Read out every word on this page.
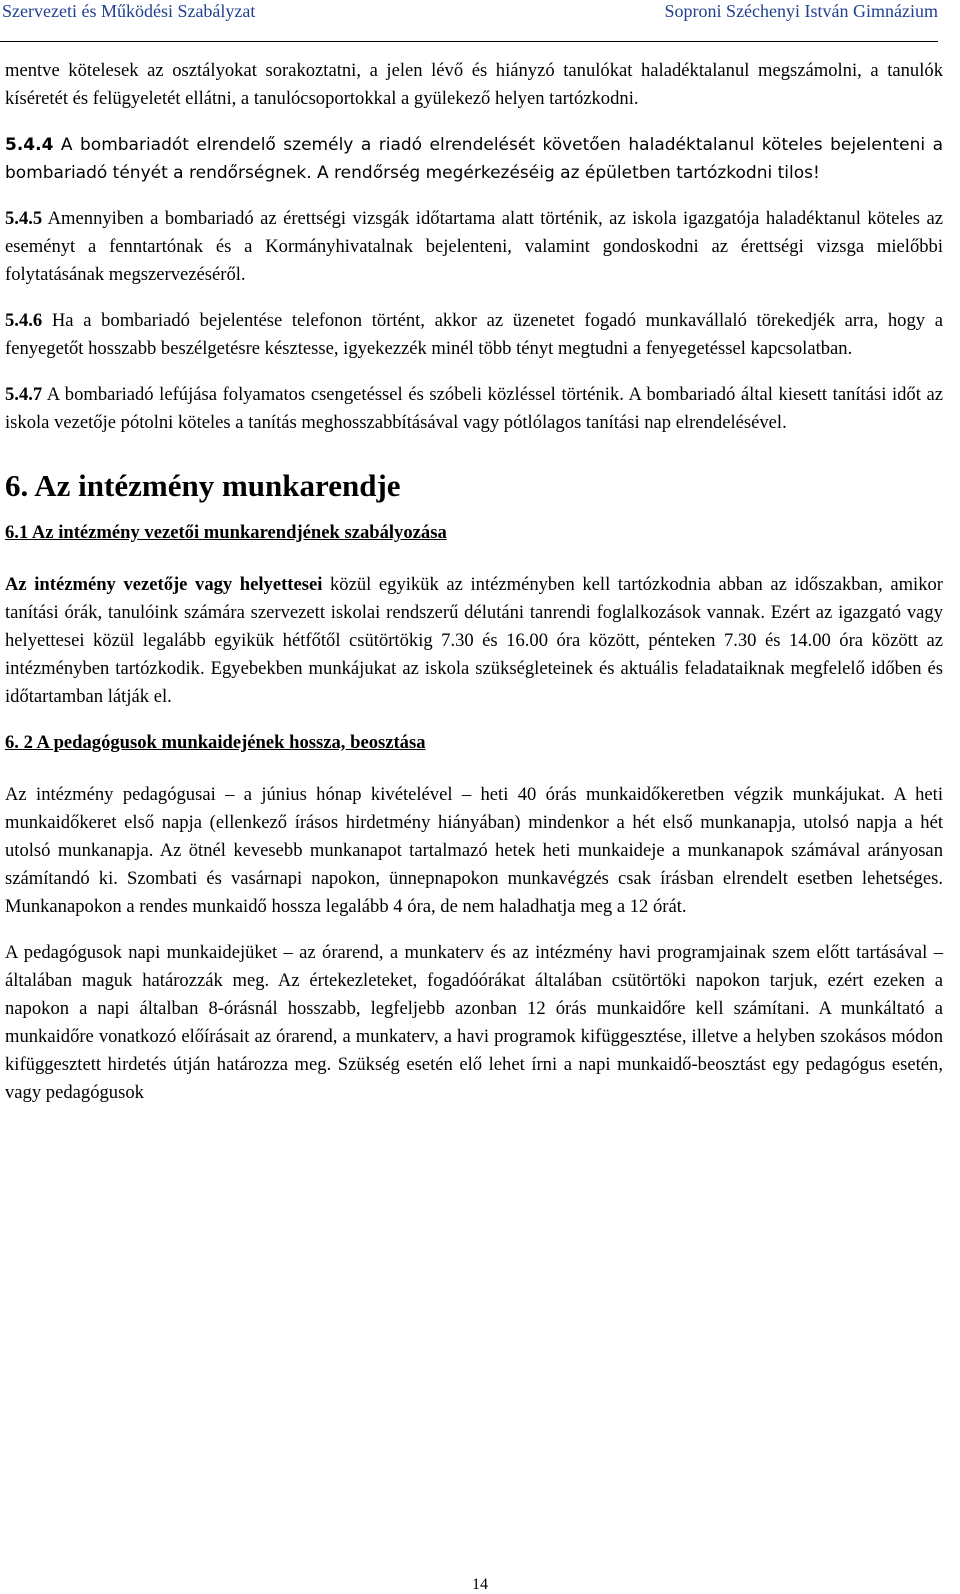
Szervezeti és Működési Szabályzat	Soproni Széchenyi István Gimnázium

mentve kötelesek az osztályokat sorakoztatni, a jelen lévő és hiányzó tanulókat haladéktalanul megszámolni, a tanulók kíséretét és felügyeletét ellátni, a tanulócsoportokkal a gyülekező helyen tartózkodni.

5.4.4 A bombariadót elrendelő személy a riadó elrendelését követően haladéktalanul köteles bejelenteni a bombariadó tényét a rendőrségnek. A rendőrség megérkezéséig az épületben tartózkodni tilos!

5.4.5 Amennyiben a bombariadó az érettségi vizsgák időtartama alatt történik, az iskola igazgatója haladéktanul köteles az eseményt a fenntartónak és a Kormányhivatalnak bejelenteni, valamint gondoskodni az érettségi vizsga mielőbbi folytatásának megszervezéséről.

5.4.6 Ha a bombariadó bejelentése telefonon történt, akkor az üzenetet fogadó munkavállaló törekedjék arra, hogy a fenyegetőt hosszabb beszélgetésre késztesse, igyekezzék minél több tényt megtudni a fenyegetéssel kapcsolatban.

5.4.7 A bombariadó lefújása folyamatos csengetéssel és szóbeli közléssel történik. A bombariadó által kiesett tanítási időt az iskola vezetője pótolni köteles a tanítás meghosszabbításával vagy pótlólagos tanítási nap elrendelésével.

6. Az intézmény munkarendje
6.1 Az intézmény vezetői munkarendjének szabályozása

Az intézmény vezetője vagy helyettesei közül egyikük az intézményben kell tartózkodnia abban az időszakban, amikor tanítási órák, tanulóink számára szervezett iskolai rendszerű délutáni tanrendi foglalkozások vannak. Ezért az igazgató vagy helyettesei közül legalább egyikük hétfőtől csütörtökig 7.30 és 16.00 óra között, pénteken 7.30 és 14.00 óra között az intézményben tartózkodik. Egyebekben munkájukat az iskola szükségleteinek és aktuális feladataiknak megfelelő időben és időtartamban látják el.

6. 2 A pedagógusok munkaidejének hossza, beosztása

Az intézmény pedagógusai – a június hónap kivételével – heti 40 órás munkaidőkeretben végzik munkájukat. A heti munkaidőkeret első napja (ellenkező írásos hirdetmény hiányában) mindenkor a hét első munkanapja, utolsó napja a hét utolsó munkanapja. Az ötnél kevesebb munkanapot tartalmazó hetek heti munkaideje a munkanapok számával arányosan számítandó ki. Szombati és vasárnapi napokon, ünnepnapokon munkavégzés csak írásban elrendelt esetben lehetséges. Munkanapokon a rendes munkaidő hossza legalább 4 óra, de nem haladhatja meg a 12 órát.

A pedagógusok napi munkaidejüket – az órarend, a munkaterv és az intézmény havi programjainak szem előtt tartásával – általában maguk határozzák meg. Az értekezleteket, fogadóórákat általában csütörtöki napokon tarjuk, ezért ezeken a napokon a napi általban 8-órásnál hosszabb, legfeljebb azonban 12 órás munkaidőre kell számítani. A munkáltató a munkaidőre vonatkozó előírásait az órarend, a munkaterv, a havi programok kifüggesztése, illetve a helyben szokásos módon kifüggesztett hirdetés útján határozza meg. Szükség esetén elő lehet írni a napi munkaidő-beosztást egy pedagógus esetén, vagy pedagógusok

14
